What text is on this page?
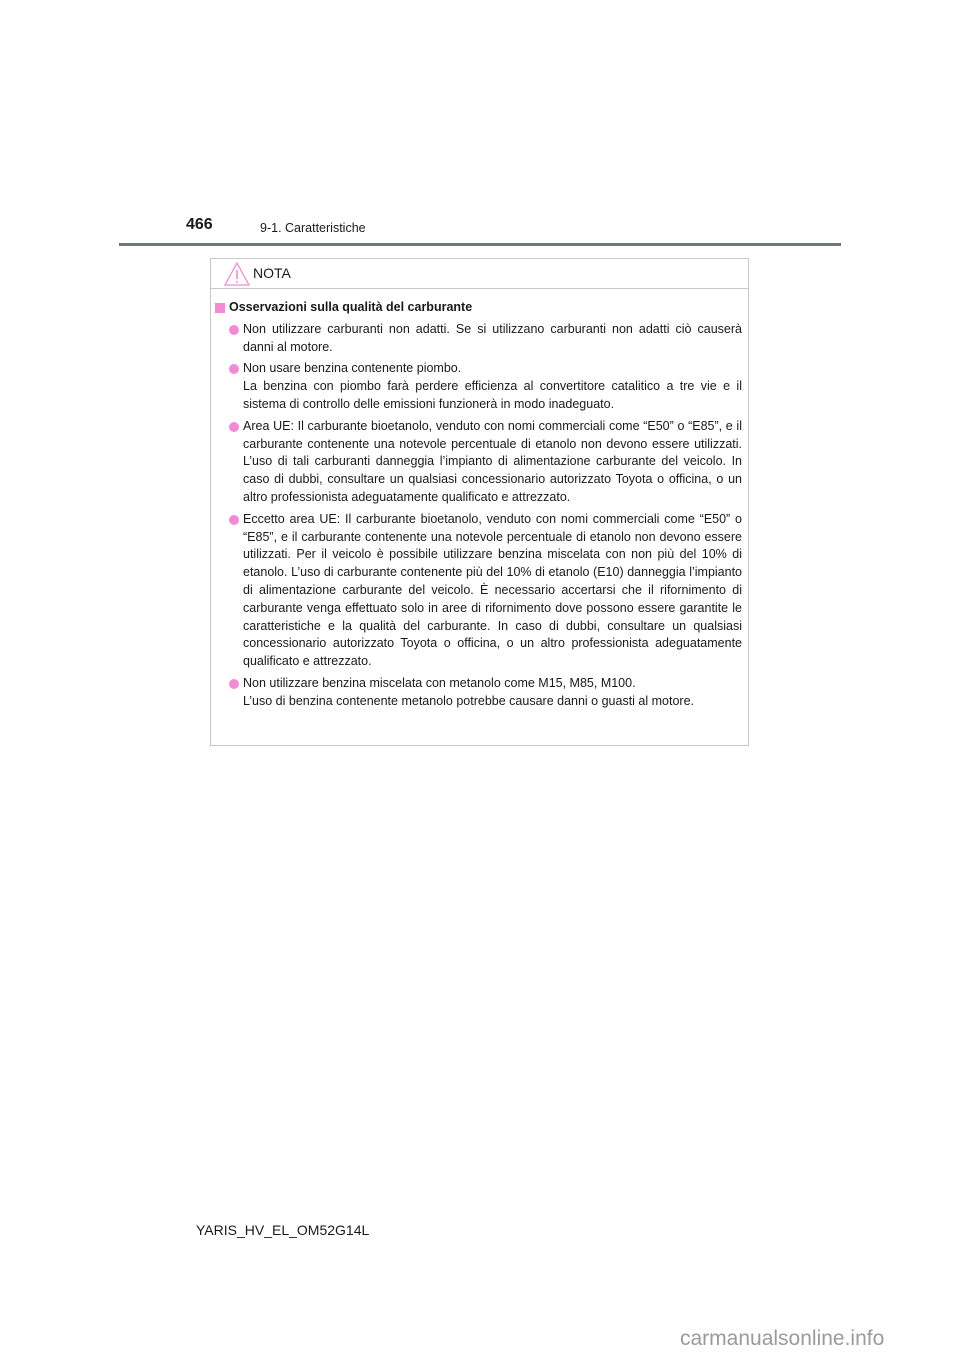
466	9-1. Caratteristiche
NOTA
Osservazioni sulla qualità del carburante

Non utilizzare carburanti non adatti. Se si utilizzano carburanti non adatti ciò causerà danni al motore.

Non usare benzina contenente piombo.

La benzina con piombo farà perdere efficienza al convertitore catalitico a tre vie e il sistema di controllo delle emissioni funzionerà in modo inadeguato.

Area UE: Il carburante bioetanolo, venduto con nomi commerciali come “E50” o “E85”, e il carburante contenente una notevole percentuale di etanolo non devono essere utilizzati. L’uso di tali carburanti danneggia l’impianto di alimentazione carburante del veicolo. In caso di dubbi, consultare un qualsiasi concessionario autorizzato Toyota o officina, o un altro professionista adeguatamente qualificato e attrezzato.

Eccetto area UE: Il carburante bioetanolo, venduto con nomi commerciali come “E50” o “E85”, e il carburante contenente una notevole percentuale di etanolo non devono essere utilizzati. Per il veicolo è possibile utilizzare benzina miscelata con non più del 10% di etanolo. L’uso di carburante contenente più del 10% di etanolo (E10) danneggia l’impianto di alimentazione carburante del veicolo. È necessario accertarsi che il rifornimento di carburante venga effettuato solo in aree di rifornimento dove possono essere garantite le caratteristiche e la qualità del carburante. In caso di dubbi, consultare un qualsiasi concessionario autorizzato Toyota o officina, o un altro professionista adeguatamente qualificato e attrezzato.

Non utilizzare benzina miscelata con metanolo come M15, M85, M100.

L’uso di benzina contenente metanolo potrebbe causare danni o guasti al motore.

YARIS_HV_EL_OM52G14L
carmanualsonline.info
